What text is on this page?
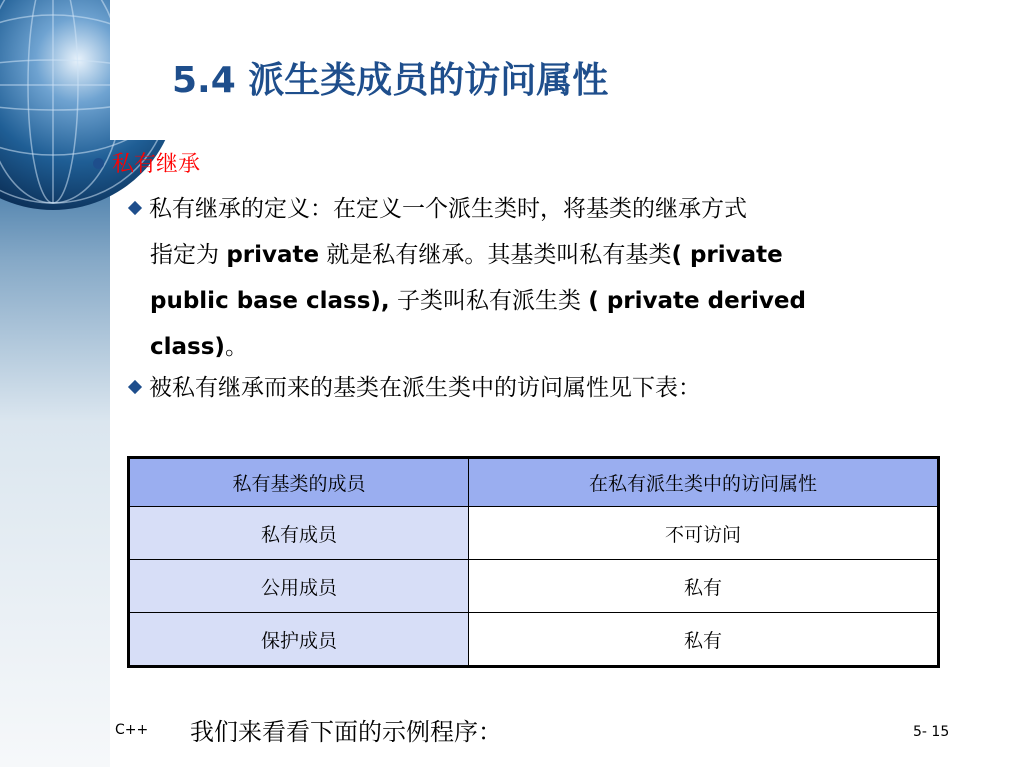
5.4 派生类成员的访问属性
私有继承
私有继承的定义：在定义一个派生类时，将基类的继承方式
指定为 private 就是私有继承。其基类叫私有基类( private
public base class), 子类叫私有派生类 ( private derived
class)。
被私有继承而来的基类在派生类中的访问属性见下表：
私有基类的成员	在私有派生类中的访问属性
私有成员	不可访问
公用成员	私有
保护成员	私有
C++ 我们来看看下面的示例程序：	5- 15
